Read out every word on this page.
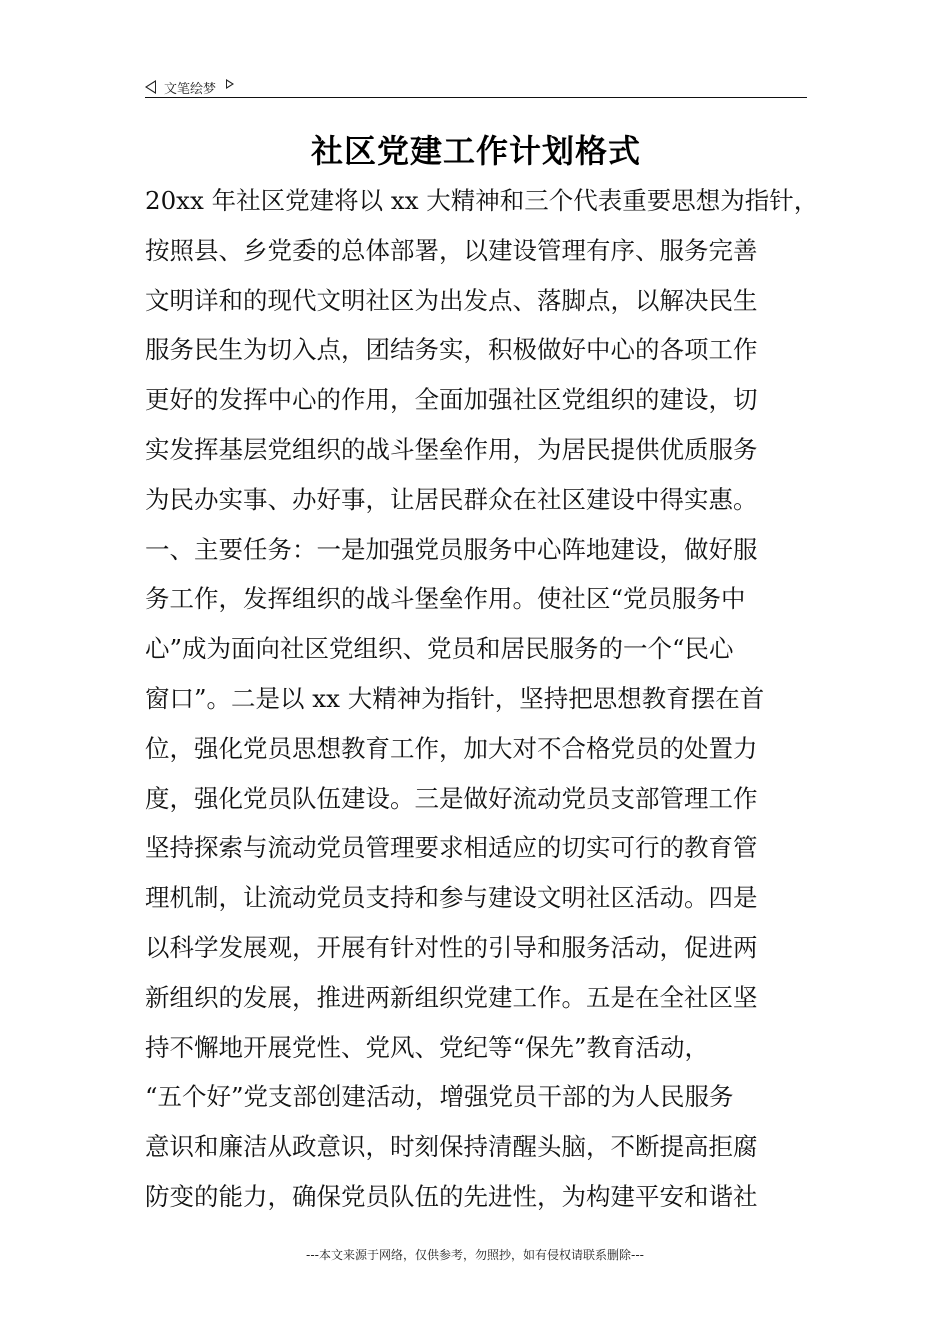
文笔绘梦
社区党建工作计划格式
20xx 年社区党建将以 xx 大精神和三个代表重要思想为指针，
按照县、乡党委的总体部署，以建设管理有序、服务完善
文明详和的现代文明社区为出发点、落脚点，以解决民生
服务民生为切入点，团结务实，积极做好中心的各项工作
更好的发挥中心的作用，全面加强社区党组织的建设，切
实发挥基层党组织的战斗堡垒作用，为居民提供优质服务
为民办实事、办好事，让居民群众在社区建设中得实惠。
一、主要任务：一是加强党员服务中心阵地建设，做好服
务工作，发挥组织的战斗堡垒作用。使社区“党员服务中
心”成为面向社区党组织、党员和居民服务的一个“民心
窗口”。二是以 xx 大精神为指针，坚持把思想教育摆在首
位，强化党员思想教育工作，加大对不合格党员的处置力
度，强化党员队伍建设。三是做好流动党员支部管理工作
坚持探索与流动党员管理要求相适应的切实可行的教育管
理机制，让流动党员支持和参与建设文明社区活动。四是
以科学发展观，开展有针对性的引导和服务活动，促进两
新组织的发展，推进两新组织党建工作。五是在全社区坚
持不懈地开展党性、党风、党纪等“保先”教育活动，
“五个好”党支部创建活动，增强党员干部的为人民服务
意识和廉洁从政意识，时刻保持清醒头脑，不断提高拒腐
防变的能力，确保党员队伍的先进性，为构建平安和谐社
---本文来源于网络，仅供参考，勿照抄，如有侵权请联系删除---
